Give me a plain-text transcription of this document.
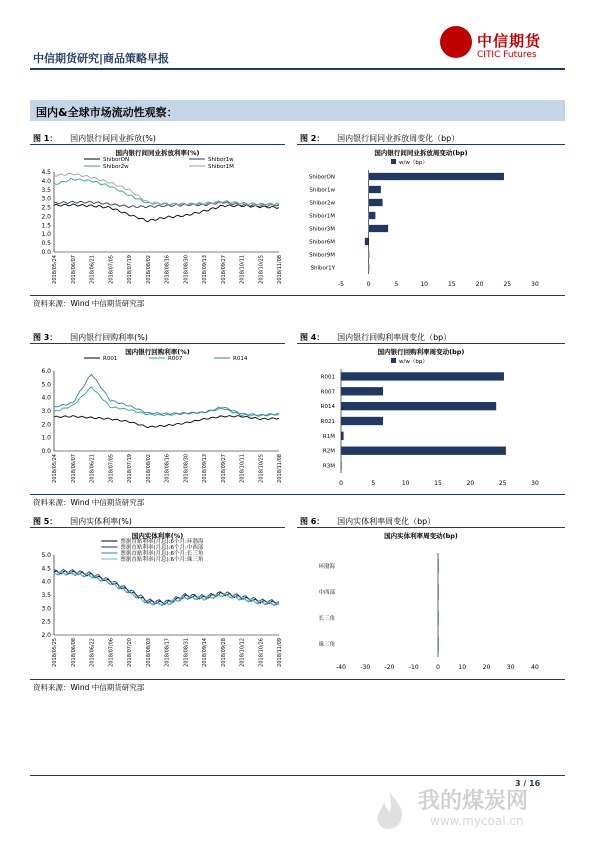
中信期货研究|商品策略早报
中信期货
CITIC Futures
国内&全球市场流动性观察：
图 1： 国内银行间同业拆放(%)	图 2： 国内银行间同业拆放周变化（bp）
国内银行间同业拆放利率(%)
ShiborON	Shibor1w
Shibor2w	Shibor1M
0.0
0.5
1.0
1.5
2.0
2.5
3.0
3.5
4.0
4.5
2018/05/24	2018/06/07	2018/06/21	2018/07/05	2018/07/19	2018/08/02	2018/08/16	2018/08/30	2018/09/13	2018/09/27	2018/10/11	2018/10/25	2018/11/08
国内银行间同业拆放周变动(bp)
w/w（bp）
-5	0	5	10	15	20	25	30
ShiborON
Shibor1w
Shibor2w
Shibor1M
Shibor3M
Shibor6M
Shibor9M
Shibor1Y
资料来源：Wind 中信期货研究部
图 3： 国内银行回购利率(%)	图 4： 国内银行回购利率周变化（bp）
国内银行回购利率(%)
R001	R007	R014
0.0
1.0
2.0
3.0
4.0
5.0
6.0
2018/05/24	2018/06/07	2018/06/21	2018/07/05	2018/07/19	2018/08/02	2018/08/16	2018/08/30	2018/09/13	2018/09/27	2018/10/11	2018/10/25	2018/11/08
国内银行回购利率周变动(bp)
w/w（bp）
0	5	10	15	20	25	30
R001
R007
R014
R021
R1M
R2M
R3M
资料来源：Wind 中信期货研究部
图 5： 国内实体利率(%)	图 6： 国内实体利率周变化（bp）
国内实体利率(%)
票据直贴利率(月息):6个月:环渤海
票据直贴利率(月息):6个月:中西部
票据直贴利率(月息):6个月:长三角
票据直贴利率(月息):6个月:珠三角
2.0
2.5
3.0
3.5
4.0
4.5
5.0
2018/05/25	2018/06/08	2018/06/22	2018/07/06	2018/07/20	2018/08/03	2018/08/17	2018/08/31	2018/09/14	2018/09/28	2018/10/12	2018/10/26	2018/11/09
国内实体利率周变动(bp)
-40 -30 -20 -10	0	10	20	30	40
环渤海
中西部
长三角
珠三角
资料来源：Wind 中信期货研究部
3 / 16
我的煤炭网
www.mycoal.cn
